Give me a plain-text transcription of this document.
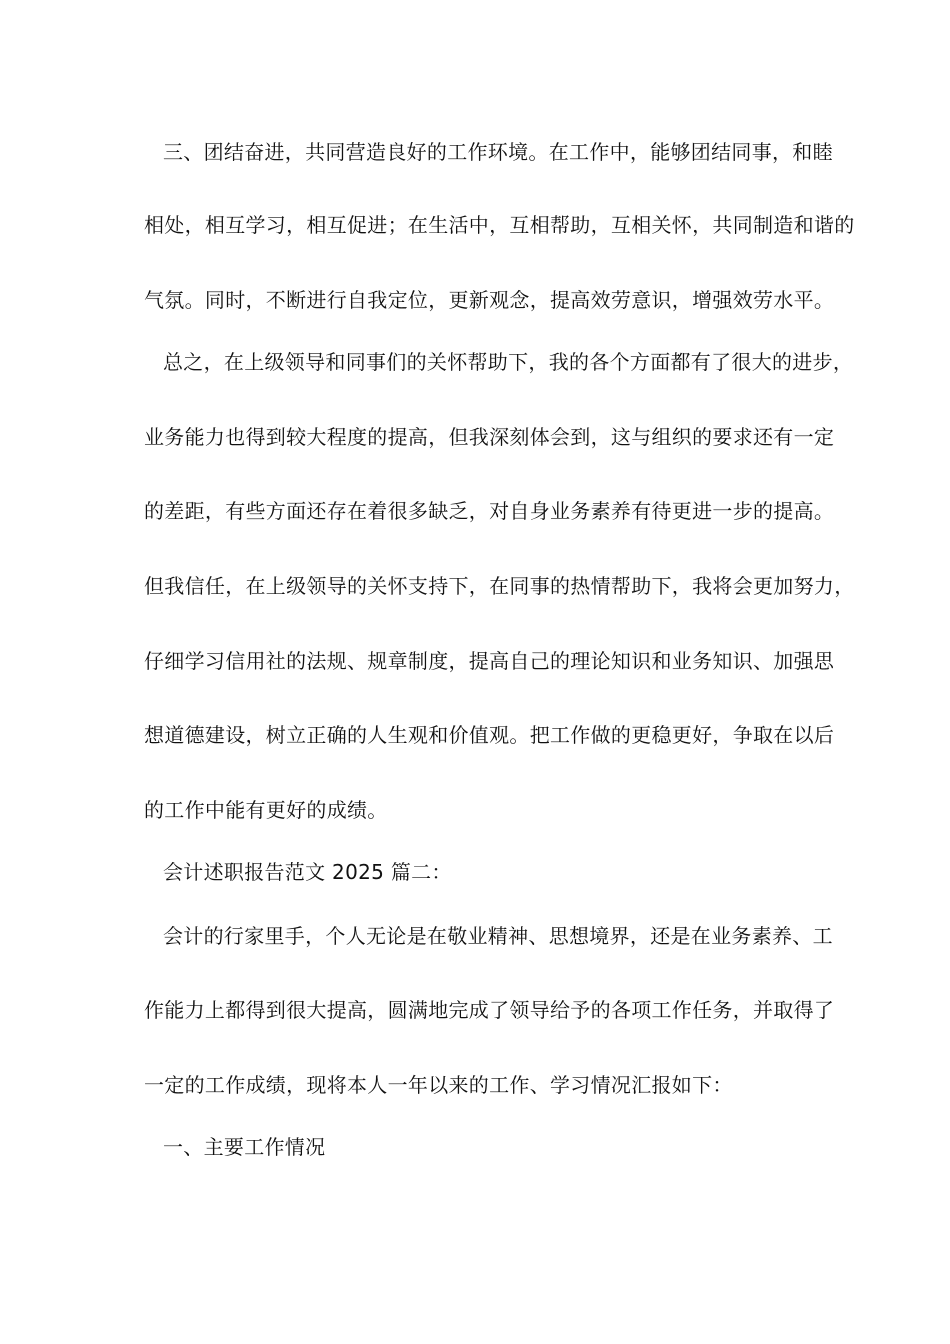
三、团结奋进，共同营造良好的工作环境。在工作中，能够团结同事，和睦
相处，相互学习，相互促进；在生活中，互相帮助，互相关怀，共同制造和谐的
气氛。同时，不断进行自我定位，更新观念，提高效劳意识，增强效劳水平。
总之，在上级领导和同事们的关怀帮助下，我的各个方面都有了很大的进步，
业务能力也得到较大程度的提高，但我深刻体会到，这与组织的要求还有一定
的差距，有些方面还存在着很多缺乏，对自身业务素养有待更进一步的提高。
但我信任，在上级领导的关怀支持下，在同事的热情帮助下，我将会更加努力，
仔细学习信用社的法规、规章制度，提高自己的理论知识和业务知识、加强思
想道德建设，树立正确的人生观和价值观。把工作做的更稳更好，争取在以后
的工作中能有更好的成绩。
会计述职报告范文 2025 篇二：
会计的行家里手，个人无论是在敬业精神、思想境界，还是在业务素养、工
作能力上都得到很大提高，圆满地完成了领导给予的各项工作任务，并取得了
一定的工作成绩，现将本人一年以来的工作、学习情况汇报如下：
一、主要工作情况
